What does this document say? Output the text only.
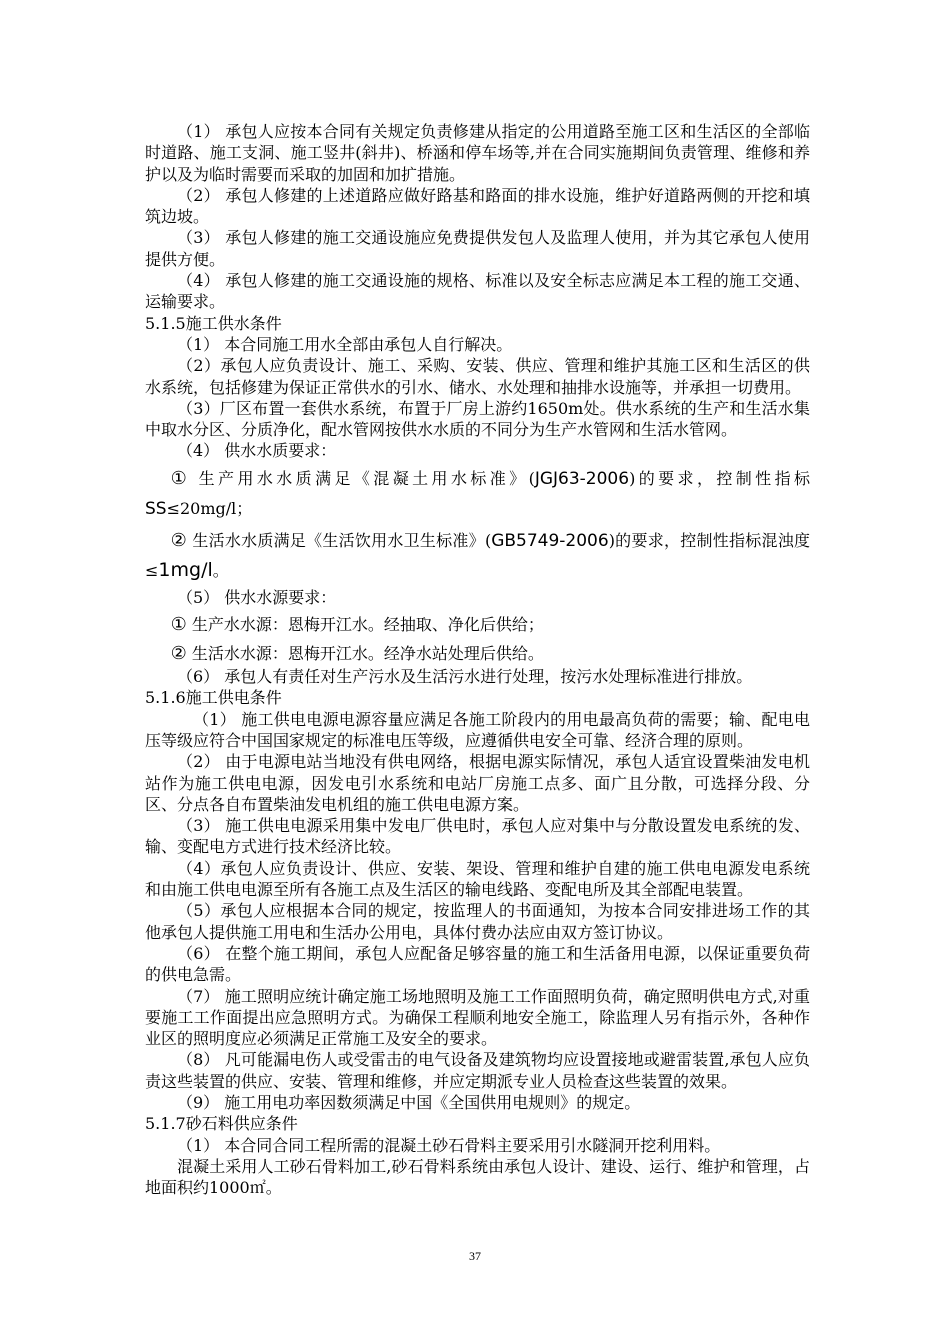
（1） 承包人应按本合同有关规定负责修建从指定的公用道路至施工区和生活区的全部临时道路、施工支洞、施工竖井(斜井)、桥涵和停车场等,并在合同实施期间负责管理、维修和养护以及为临时需要而采取的加固和加扩措施。

（2） 承包人修建的上述道路应做好路基和路面的排水设施，维护好道路两侧的开挖和填筑边坡。

（3） 承包人修建的施工交通设施应免费提供发包人及监理人使用，并为其它承包人使用提供方便。

（4） 承包人修建的施工交通设施的规格、标准以及安全标志应满足本工程的施工交通、运输要求。

5.1.5施工供水条件

（1） 本合同施工用水全部由承包人自行解决。

（2）承包人应负责设计、施工、采购、安装、供应、管理和维护其施工区和生活区的供水系统，包括修建为保证正常供水的引水、储水、水处理和抽排水设施等，并承担一切费用。

（3）厂区布置一套供水系统，布置于厂房上游约1650m处。供水系统的生产和生活水集中取水分区、分质净化，配水管网按供水水质的不同分为生产水管网和生活水管网。

（4） 供水水质要求：

① 生产用水水质满足《混凝土用水标准》(JGJ63-2006)的要求，控制性指标SS≤20mg/l；

② 生活水水质满足《生活饮用水卫生标准》(GB5749-2006)的要求，控制性指标混浊度≤1mg/l。

（5） 供水水源要求：

① 生产水水源：恩梅开江水。经抽取、净化后供给；

② 生活水水源：恩梅开江水。经净水站处理后供给。

（6） 承包人有责任对生产污水及生活污水进行处理，按污水处理标准进行排放。

5.1.6施工供电条件

（1） 施工供电电源电源容量应满足各施工阶段内的用电最高负荷的需要；输、配电电压等级应符合中国国家规定的标准电压等级，应遵循供电安全可靠、经济合理的原则。

（2） 由于电源电站当地没有供电网络，根据电源实际情况，承包人适宜设置柴油发电机站作为施工供电电源，因发电引水系统和电站厂房施工点多、面广且分散，可选择分段、分区、分点各自布置柴油发电机组的施工供电电源方案。

（3） 施工供电电源采用集中发电厂供电时，承包人应对集中与分散设置发电系统的发、输、变配电方式进行技术经济比较。

（4）承包人应负责设计、供应、安装、架设、管理和维护自建的施工供电电源发电系统和由施工供电电源至所有各施工点及生活区的输电线路、变配电所及其全部配电装置。

（5）承包人应根据本合同的规定，按监理人的书面通知，为按本合同安排进场工作的其他承包人提供施工用电和生活办公用电，具体付费办法应由双方签订协议。

（6） 在整个施工期间，承包人应配备足够容量的施工和生活备用电源，以保证重要负荷的供电急需。

（7） 施工照明应统计确定施工场地照明及施工工作面照明负荷，确定照明供电方式,对重要施工工作面提出应急照明方式。为确保工程顺利地安全施工，除监理人另有指示外，各种作业区的照明度应必须满足正常施工及安全的要求。

（8） 凡可能漏电伤人或受雷击的电气设备及建筑物均应设置接地或避雷装置,承包人应负责这些装置的供应、安装、管理和维修，并应定期派专业人员检查这些装置的效果。

（9） 施工用电功率因数须满足中国《全国供用电规则》的规定。

5.1.7砂石料供应条件

（1） 本合同合同工程所需的混凝土砂石骨料主要采用引水隧洞开挖利用料。

混凝土采用人工砂石骨料加工,砂石骨料系统由承包人设计、建设、运行、维护和管理，占地面积约1000㎡。

37
